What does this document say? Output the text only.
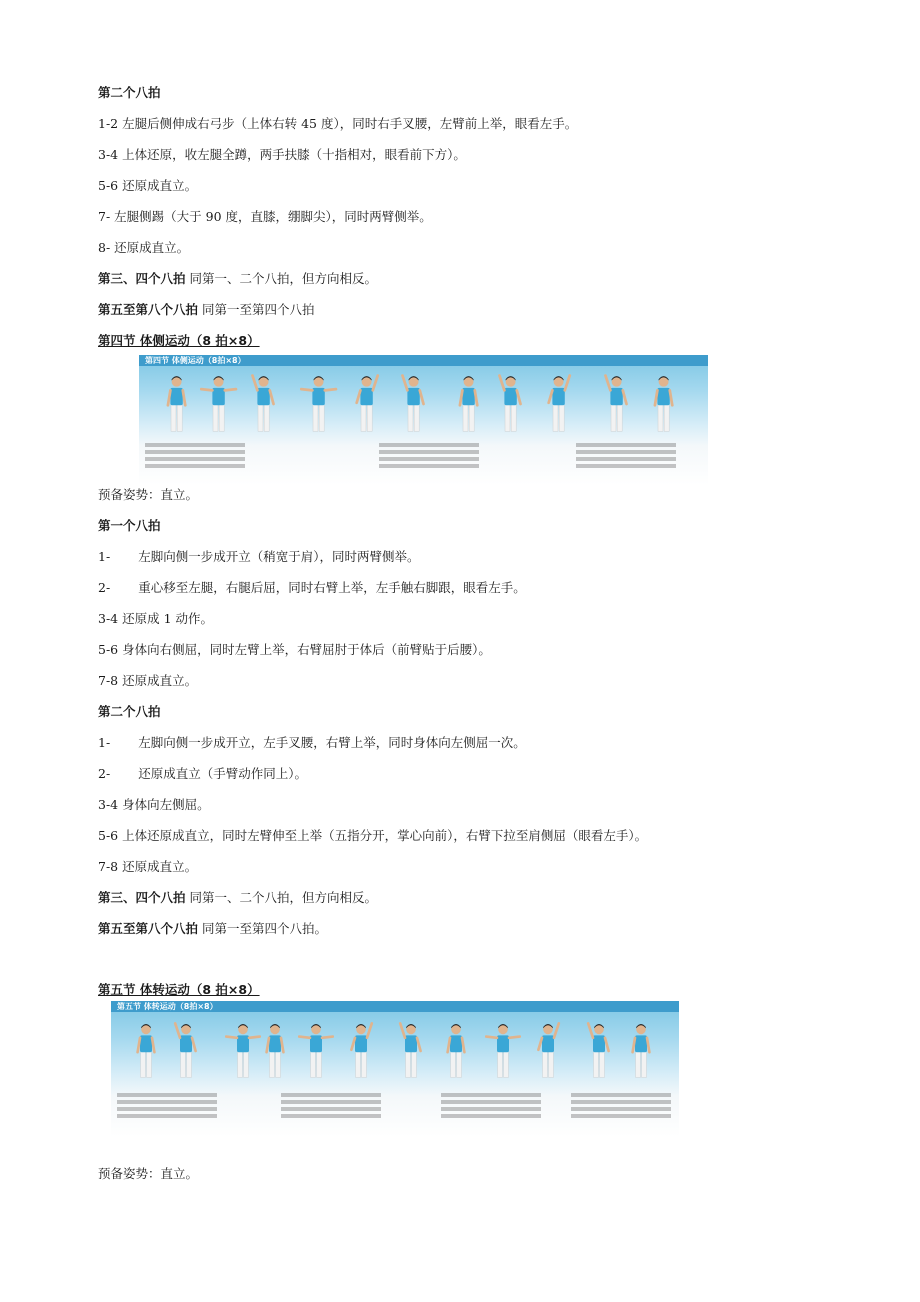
第二个八拍
1-2 左腿后侧伸成右弓步（上体右转 45 度），同时右手叉腰，左臂前上举，眼看左手。
3-4 上体还原，收左腿全蹲，两手扶膝（十指相对，眼看前下方）。
5-6 还原成直立。
7- 左腿侧踢（大于 90 度，直膝，绷脚尖），同时两臂侧举。
8- 还原成直立。
第三、四个八拍 同第一、二个八拍，但方向相反。
第五至第八个八拍 同第一至第四个八拍
第四节 体侧运动（8 拍×8）
第四节 体侧运动（8拍×8）
预备姿势：直立。
第一个八拍
1- 左脚向侧一步成开立（稍宽于肩），同时两臂侧举。
2- 重心移至左腿，右腿后屈，同时右臂上举，左手触右脚跟，眼看左手。
3-4 还原成 1 动作。
5-6 身体向右侧屈，同时左臂上举，右臂屈肘于体后（前臂贴于后腰）。
7-8 还原成直立。
第二个八拍
1- 左脚向侧一步成开立，左手叉腰，右臂上举，同时身体向左侧屈一次。
2- 还原成直立（手臂动作同上）。
3-4 身体向左侧屈。
5-6 上体还原成直立，同时左臂伸至上举（五指分开，掌心向前），右臂下拉至肩侧屈（眼看左手）。
7-8 还原成直立。
第三、四个八拍 同第一、二个八拍，但方向相反。
第五至第八个八拍 同第一至第四个八拍。
第五节 体转运动（8 拍×8）
第五节 体转运动（8拍×8）
预备姿势：直立。
